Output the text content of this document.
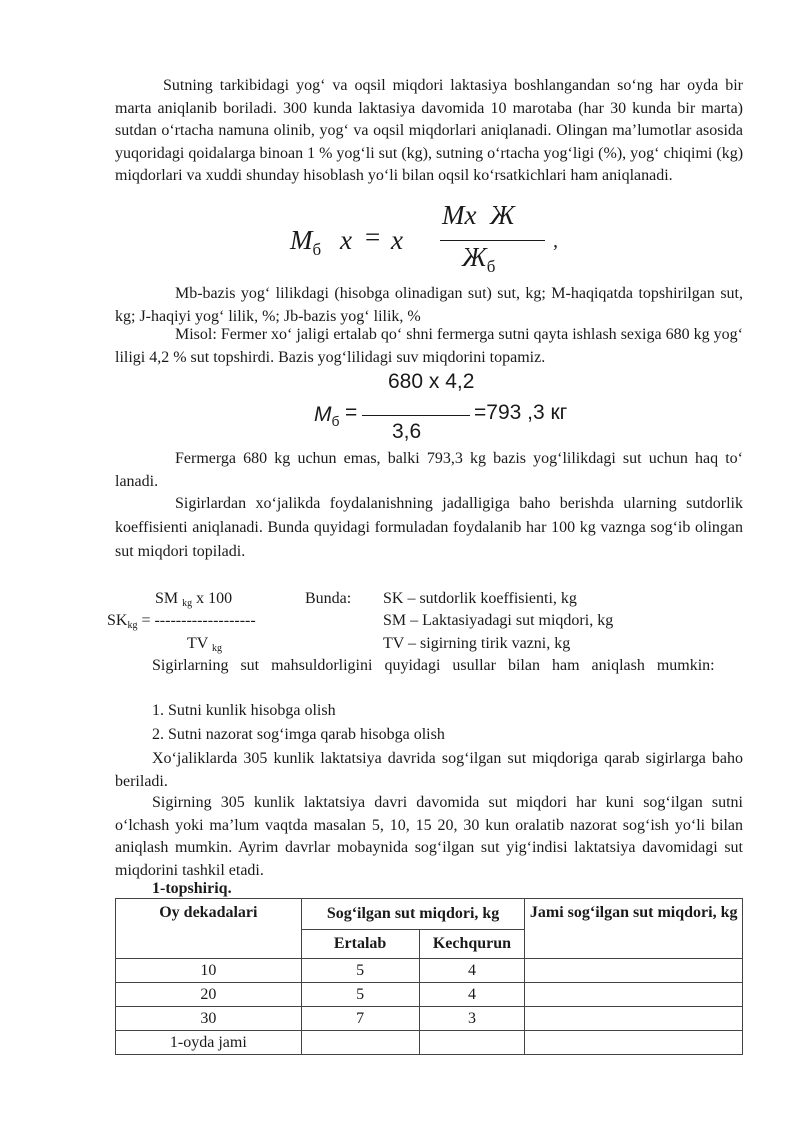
Sutning tarkibidagi yog‘ va oqsil miqdori laktasiya boshlangandan so‘ng har oyda bir marta aniqlanib boriladi. 300 kunda laktasiya davomida 10 marotaba (har 30 kunda bir marta) sutdan o‘rtacha namuna olinib, yog‘ va oqsil miqdorlari aniqlanadi. Olingan ma’lumotlar asosida yuqoridagi qoidalarga binoan 1 % yog‘li sut (kg), sutning o‘rtacha yog‘ligi (%), yog‘ chiqimi (kg) miqdorlari va xuddi shunday hisoblash yo‘li bilan oqsil ko‘rsatkichlari ham aniqlanadi.

$M_б$ x = x
Mx  Ж
$Ж_б$
,

Mb-bazis yog‘ lilikdagi (hisobga olinadigan sut) sut, kg; M-haqiqatda topshirilgan sut, kg; J-haqiyi yog‘ lilik, %; Jb-bazis yog‘ lilik, %

Misol: Fermer xo‘ jaligi ertalab qo‘ shni fermerga sutni qayta ishlash sexiga 680 kg yog‘ liligi 4,2 % sut topshirdi. Bazis yog‘lilidagi suv miqdorini topamiz.

680 x 4,2
$M_б$ =	=793 ,3 кг
3,6

Fermerga 680 kg uchun emas, balki 793,3 kg bazis yog‘lilikdagi sut uchun haq to‘ lanadi.

Sigirlardan xo‘jalikda foydalanishning jadalligiga baho berishda ularning sutdorlik koeffisienti aniqlanadi. Bunda quyidagi formuladan foydalanib har 100 kg vaznga sog‘ib olingan sut miqdori topiladi.

SM $_{kg}$ x 100
$SK_{kg}$ = -------------------
TV $_{kg}$
Bunda: SK – sutdorlik koeffisienti, kg
SM – Laktasiyadagi sut miqdori, kg
TV – sigirning tirik vazni, kg

Sigirlarning sut mahsuldorligini quyidagi usullar bilan ham aniqlash mumkin:

1. Sutni kunlik hisobga olish
2. Sutni nazorat sog‘imga qarab hisobga olish

Xo‘jaliklarda 305 kunlik laktatsiya davrida sog‘ilgan sut miqdoriga qarab sigirlarga baho beriladi.

Sigirning 305 kunlik laktatsiya davri davomida sut miqdori har kuni sog‘ilgan sutni o‘lchash yoki ma’lum vaqtda masalan 5, 10, 15 20, 30 kun oralatib nazorat sog‘ish yo‘li bilan aniqlash mumkin. Ayrim davrlar mobaynida sog‘ilgan sut yig‘indisi laktatsiya davomidagi sut miqdorini tashkil etadi.

1-topshiriq.
Oy dekadalari	Sog‘ilgan sut miqdori, kg		Jami sog‘ilgan sut miqdori, kg
	Ertalab	Kechqurun	
10	5	4	
20	5	4	
30	7	3	
1-oyda jami			
